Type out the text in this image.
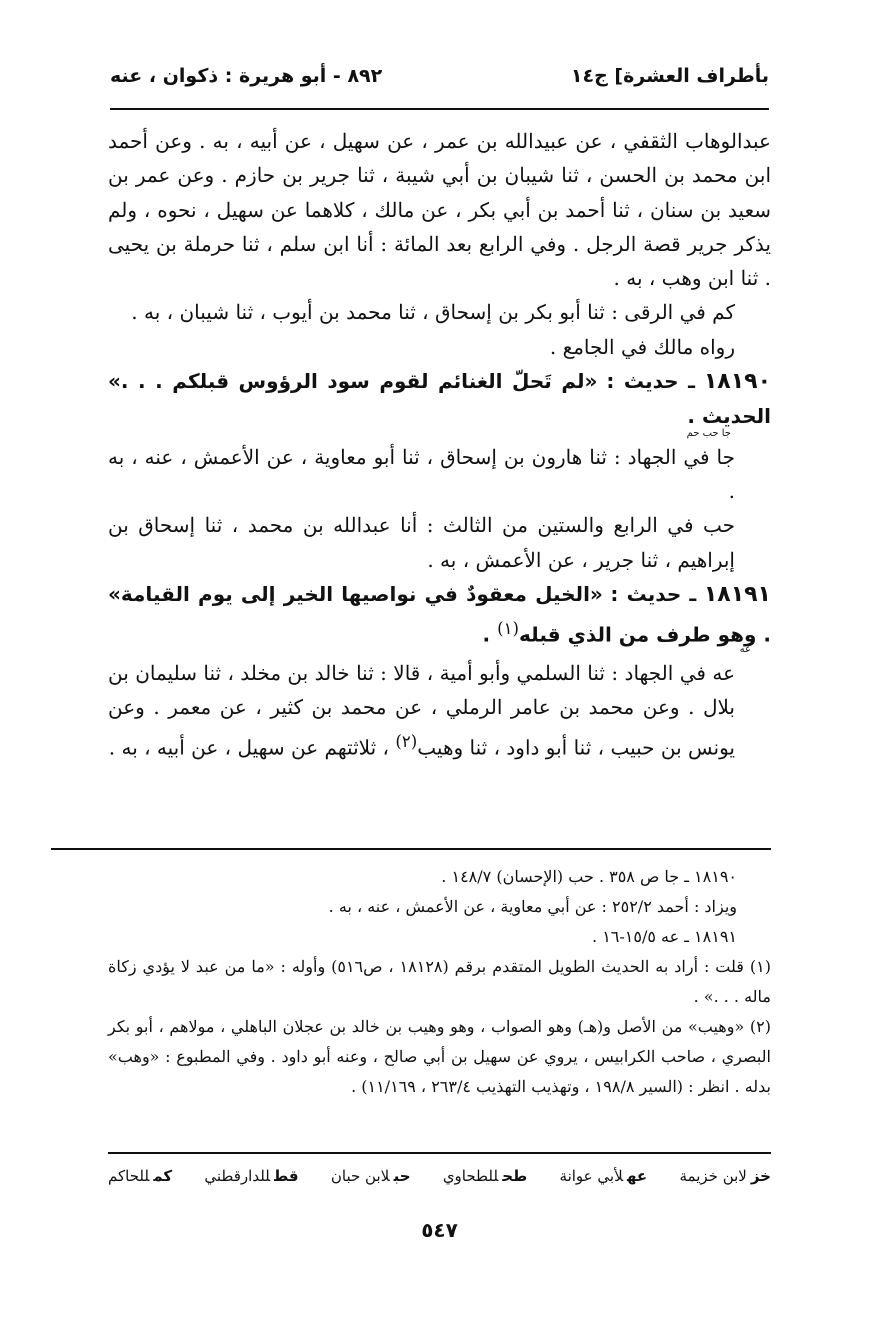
بأطراف العشرة] ج١٤
٨٩٢ - أبو هريرة : ذكوان ، عنه

عبدالوهاب الثقفي ، عن عبيدالله بن عمر ، عن سهيل ، عن أبيه ، به . وعن أحمد ابن محمد بن الحسن ، ثنا شيبان بن أبي شيبة ، ثنا جرير بن حازم . وعن عمر بن سعيد بن سنان ، ثنا أحمد بن أبي بكر ، عن مالك ، كلاهما عن سهيل ، نحوه ، ولم يذكر جرير قصة الرجل . وفي الرابع بعد المائة : أنا ابن سلم ، ثنا حرملة بن يحيى . ثنا ابن وهب ، به .

كم في الرقى : ثنا أبو بكر بن إسحاق ، ثنا محمد بن أيوب ، ثنا شيبان ، به .

رواه مالك في الجامع .

١٨١٩٠ ـ حديث : «لم تَحلّ الغنائم لقوم سود الرؤوس قبلكم . . .» الحديث .
جا حب حم

جا في الجهاد : ثنا هارون بن إسحاق ، ثنا أبو معاوية ، عن الأعمش ، عنه ، به .

حب في الرابع والستين من الثالث : أنا عبدالله بن محمد ، ثنا إسحاق بن إبراهيم ، ثنا جرير ، عن الأعمش ، به .

١٨١٩١ ـ حديث : «الخيل معقودٌ في نواصيها الخير إلى يوم القيامة» . وهو طرف من الذي قبله$^{(١)}$ .
عه

عه في الجهاد : ثنا السلمي وأبو أمية ، قالا : ثنا خالد بن مخلد ، ثنا سليمان بن بلال . وعن محمد بن عامر الرملي ، عن محمد بن كثير ، عن معمر . وعن يونس بن حبيب ، ثنا أبو داود ، ثنا وهيب$^{(٢)}$ ، ثلاثتهم عن سهيل ، عن أبيه ، به .

١٨١٩٠ ـ جا ص ٣٥٨ . حب (الإحسان) ١٤٨/٧ .

ويزاد : أحمد ٢٥٢/٢ : عن أبي معاوية ، عن الأعمش ، عنه ، به .

١٨١٩١ ـ عه ١٥/٥-١٦ .

(١) قلت : أراد به الحديث الطويل المتقدم برقم (١٨١٢٨ ، ص٥١٦) وأوله : «ما من عبد لا يؤدي زكاة ماله . . .» .

(٢) «وهيب» من الأصل و(هـ) وهو الصواب ، وهو وهيب بن خالد بن عجلان الباهلي ، مولاهم ، أبو بكر البصري ، صاحب الكرابيس ، يروي عن سهيل بن أبي صالح ، وعنه أبو داود . وفي المطبوع : «وهب» بدله . انظر : (السير ١٩٨/٨ ، وتهذيب التهذيب ٢٦٣/٤ ، ١١/١٦٩) .

خزلابن خزيمة
عهلأبي عوانة
طحللطحاوي
حبلابن حبان
قطللدارقطني
كمللحاكم
٥٤٧
